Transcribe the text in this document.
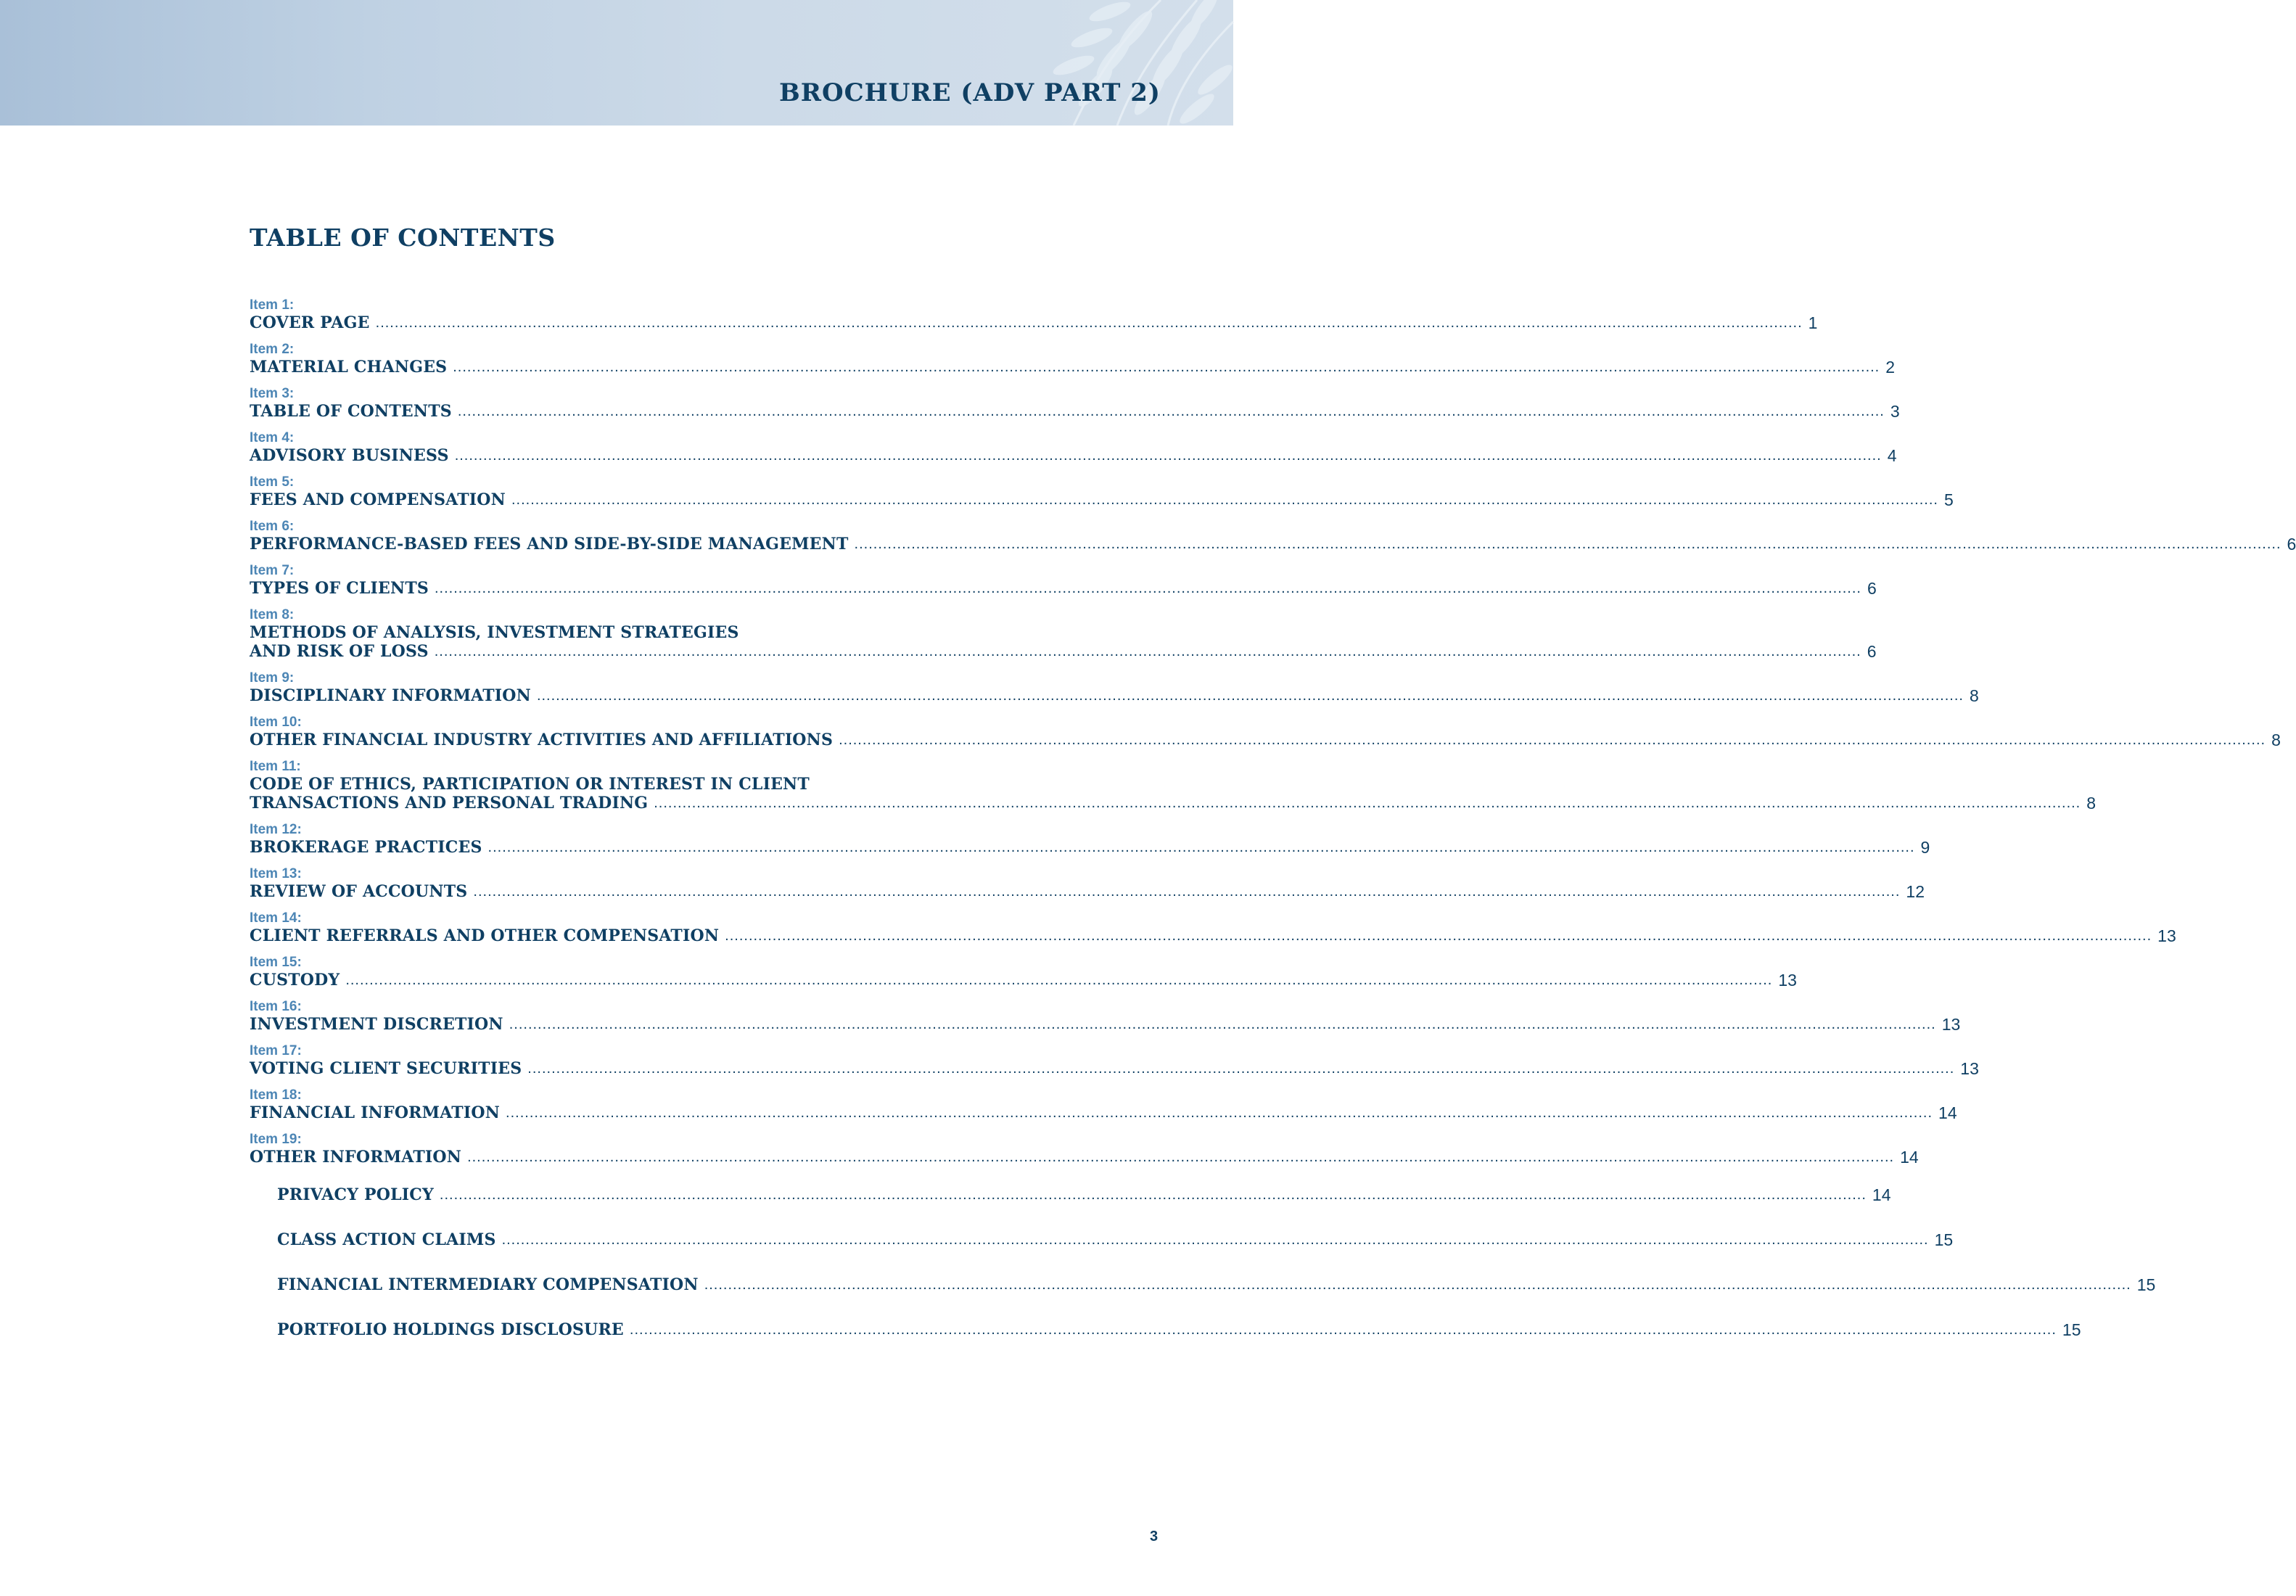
BROCHURE (ADV PART 2)
TABLE OF CONTENTS
Item 1:
COVER PAGE ............................................................................................................................................................................................................................................................................................................ 1
Item 2:
MATERIAL CHANGES ............................................................................................................................................................................................................................................................................................................ 2
Item 3:
TABLE OF CONTENTS ............................................................................................................................................................................................................................................................................................................ 3
Item 4:
ADVISORY BUSINESS ............................................................................................................................................................................................................................................................................................................ 4
Item 5:
FEES AND COMPENSATION ............................................................................................................................................................................................................................................................................................................ 5
Item 6:
PERFORMANCE-BASED FEES AND SIDE-BY-SIDE MANAGEMENT ............................................................................................................................................................................................................................................................................................................ 6
Item 7:
TYPES OF CLIENTS ............................................................................................................................................................................................................................................................................................................ 6
Item 8:
METHODS OF ANALYSIS, INVESTMENT STRATEGIES
AND RISK OF LOSS ............................................................................................................................................................................................................................................................................................................ 6
Item 9:
DISCIPLINARY INFORMATION ............................................................................................................................................................................................................................................................................................................ 8
Item 10:
OTHER FINANCIAL INDUSTRY ACTIVITIES AND AFFILIATIONS ............................................................................................................................................................................................................................................................................................................ 8
Item 11:
CODE OF ETHICS, PARTICIPATION OR INTEREST IN CLIENT
TRANSACTIONS AND PERSONAL TRADING ............................................................................................................................................................................................................................................................................................................ 8
Item 12:
BROKERAGE PRACTICES ............................................................................................................................................................................................................................................................................................................ 9
Item 13:
REVIEW OF ACCOUNTS ............................................................................................................................................................................................................................................................................................................ 12
Item 14:
CLIENT REFERRALS AND OTHER COMPENSATION ............................................................................................................................................................................................................................................................................................................ 13
Item 15:
CUSTODY ............................................................................................................................................................................................................................................................................................................ 13
Item 16:
INVESTMENT DISCRETION ............................................................................................................................................................................................................................................................................................................ 13
Item 17:
VOTING CLIENT SECURITIES ............................................................................................................................................................................................................................................................................................................ 13
Item 18:
FINANCIAL INFORMATION ............................................................................................................................................................................................................................................................................................................ 14
Item 19:
OTHER INFORMATION ............................................................................................................................................................................................................................................................................................................ 14
PRIVACY POLICY ............................................................................................................................................................................................................................................................................................................ 14
CLASS ACTION CLAIMS ............................................................................................................................................................................................................................................................................................................ 15
FINANCIAL INTERMEDIARY COMPENSATION ............................................................................................................................................................................................................................................................................................................ 15
PORTFOLIO HOLDINGS DISCLOSURE ............................................................................................................................................................................................................................................................................................................ 15
3
